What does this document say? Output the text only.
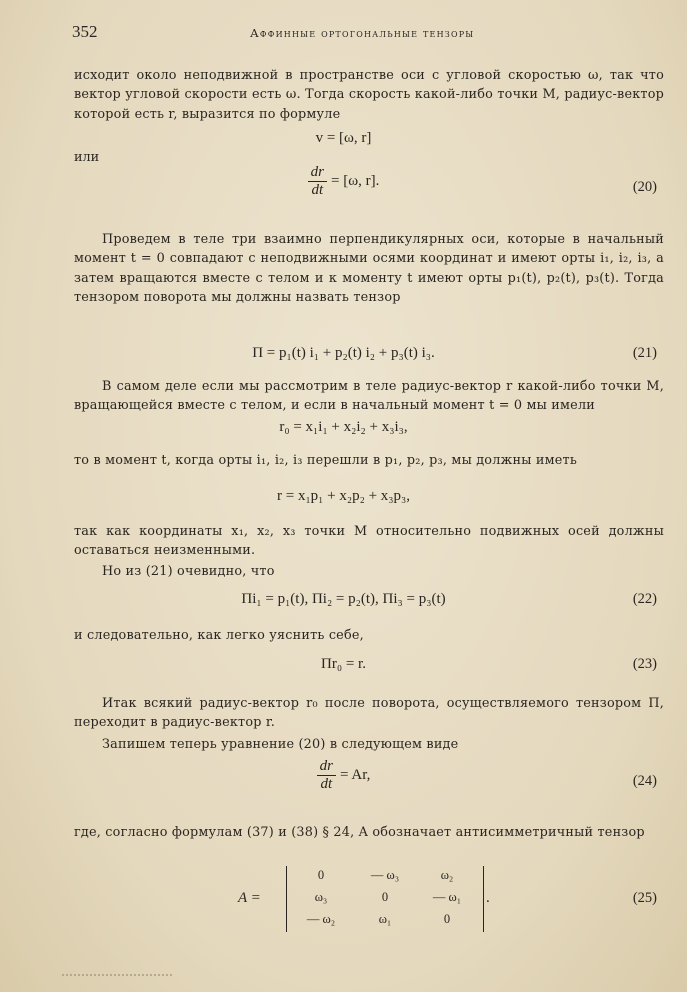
352	Аффинные ортогональные тензоры
исходит около неподвижной в пространстве оси с угловой скоростью ω, так что вектор угловой скорости есть ω. Тогда скорость какой-либо точки M, радиус-вектор которой есть r, выразится по формуле
v = [ω, r]
или
$\frac{dr}{dt} = [\omega$, r].	(20)
Проведем в теле три взаимно перпендикулярных оси, которые в начальный момент t = 0 совпадают с неподвижными осями координат и имеют орты i₁, i₂, i₃, а затем вращаются вместе с телом и к моменту t имеют орты p₁(t), p₂(t), p₃(t). Тогда тензором поворота мы должны назвать тензор
Π = p₁(t) i₁ + p₂(t) i₂ + p₃(t) i₃.	(21)
В самом деле если мы рассмотрим в теле радиус-вектор r какой-либо точки M, вращающейся вместе с телом, и если в начальный момент t = 0 мы имели
r₀ = x₁i₁ + x₂i₂ + x₃i₃,
то в момент t, когда орты i₁, i₂, i₃ перешли в p₁, p₂, p₃, мы должны иметь
r = x₁p₁ + x₂p₂ + x₃p₃,
так как координаты x₁, x₂, x₃ точки M относительно подвижных осей должны оставаться неизменными.
Но из (21) очевидно, что
Πi₁ = p₁(t), Πi₂ = p₂(t), Πi₃ = p₃(t)	(22)
и следовательно, как легко уяснить себе,
Πr₀ = r.	(23)
Итак всякий радиус-вектор r₀ после поворота, осуществляемого тензором Π, переходит в радиус-вектор r.
Запишем теперь уравнение (20) в следующем виде
$\frac{dr}{dt} = Ar$,	(24)
где, согласно формулам (37) и (38) § 24, A обозначает антисимметричный тензор
A =
0	— ω₃	ω₂
ω₃	0	— ω₁
— ω₂	ω₁	0
.	(25)
